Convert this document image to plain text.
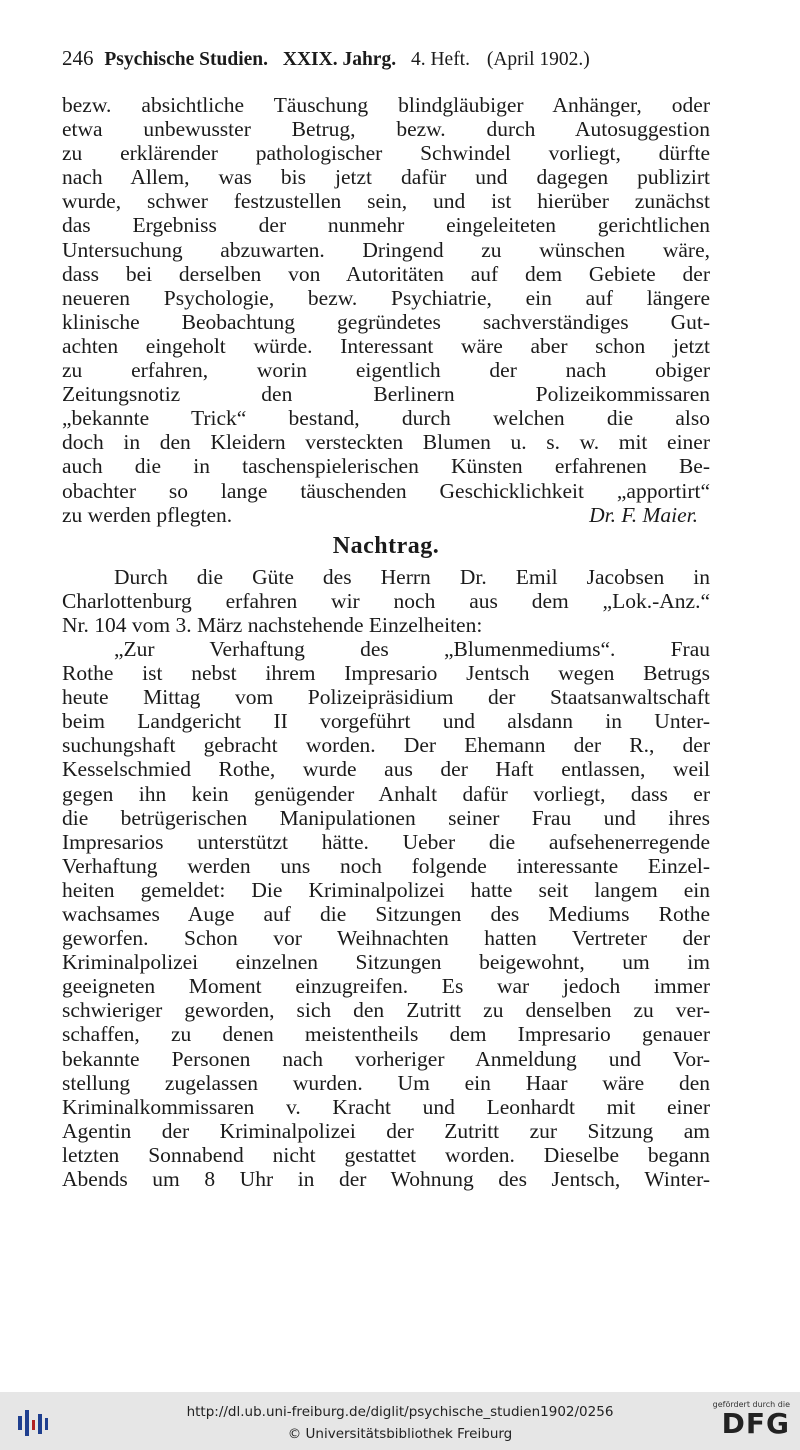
246 Psychische Studien. XXIX. Jahrg. 4. Heft. (April 1902.)
bezw. absichtliche Täuschung blindgläubiger Anhänger, oder
etwa unbewusster Betrug, bezw. durch Autosuggestion
zu erklärender pathologischer Schwindel vorliegt, dürfte
nach Allem, was bis jetzt dafür und dagegen publizirt
wurde, schwer festzustellen sein, und ist hierüber zunächst
das Ergebniss der nunmehr eingeleiteten gerichtlichen
Untersuchung abzuwarten. Dringend zu wünschen wäre,
dass bei derselben von Autoritäten auf dem Gebiete der
neueren Psychologie, bezw. Psychiatrie, ein auf längere
klinische Beobachtung gegründetes sachverständiges Gut-
achten eingeholt würde. Interessant wäre aber schon jetzt
zu erfahren, worin eigentlich der nach obiger
Zeitungsnotiz den Berlinern Polizeikommissaren
„bekannte Trick“ bestand, durch welchen die also
doch in den Kleidern versteckten Blumen u. s. w. mit einer
auch die in taschenspielerischen Künsten erfahrenen Be-
obachter so lange täuschenden Geschicklichkeit „apportirt“
zu werden pflegten.	Dr. F. Maier.
Nachtrag.
Durch die Güte des Herrn Dr. Emil Jacobsen in
Charlottenburg erfahren wir noch aus dem „Lok.-Anz.“
Nr. 104 vom 3. März nachstehende Einzelheiten:
„Zur Verhaftung des „Blumenmediums“. Frau
Rothe ist nebst ihrem Impresario Jentsch wegen Betrugs
heute Mittag vom Polizeipräsidium der Staatsanwaltschaft
beim Landgericht II vorgeführt und alsdann in Unter-
suchungshaft gebracht worden. Der Ehemann der R., der
Kesselschmied Rothe, wurde aus der Haft entlassen, weil
gegen ihn kein genügender Anhalt dafür vorliegt, dass er
die betrügerischen Manipulationen seiner Frau und ihres
Impresarios unterstützt hätte. Ueber die aufsehenerregende
Verhaftung werden uns noch folgende interessante Einzel-
heiten gemeldet: Die Kriminalpolizei hatte seit langem ein
wachsames Auge auf die Sitzungen des Mediums Rothe
geworfen. Schon vor Weihnachten hatten Vertreter der
Kriminalpolizei einzelnen Sitzungen beigewohnt, um im
geeigneten Moment einzugreifen. Es war jedoch immer
schwieriger geworden, sich den Zutritt zu denselben zu ver-
schaffen, zu denen meistentheils dem Impresario genauer
bekannte Personen nach vorheriger Anmeldung und Vor-
stellung zugelassen wurden. Um ein Haar wäre den
Kriminalkommissaren v. Kracht und Leonhardt mit einer
Agentin der Kriminalpolizei der Zutritt zur Sitzung am
letzten Sonnabend nicht gestattet worden. Dieselbe begann
Abends um 8 Uhr in der Wohnung des Jentsch, Winter-
http://dl.ub.uni-freiburg.de/diglit/psychische_studien1902/0256
© Universitätsbibliothek Freiburg
gefördert durch die
DFG
